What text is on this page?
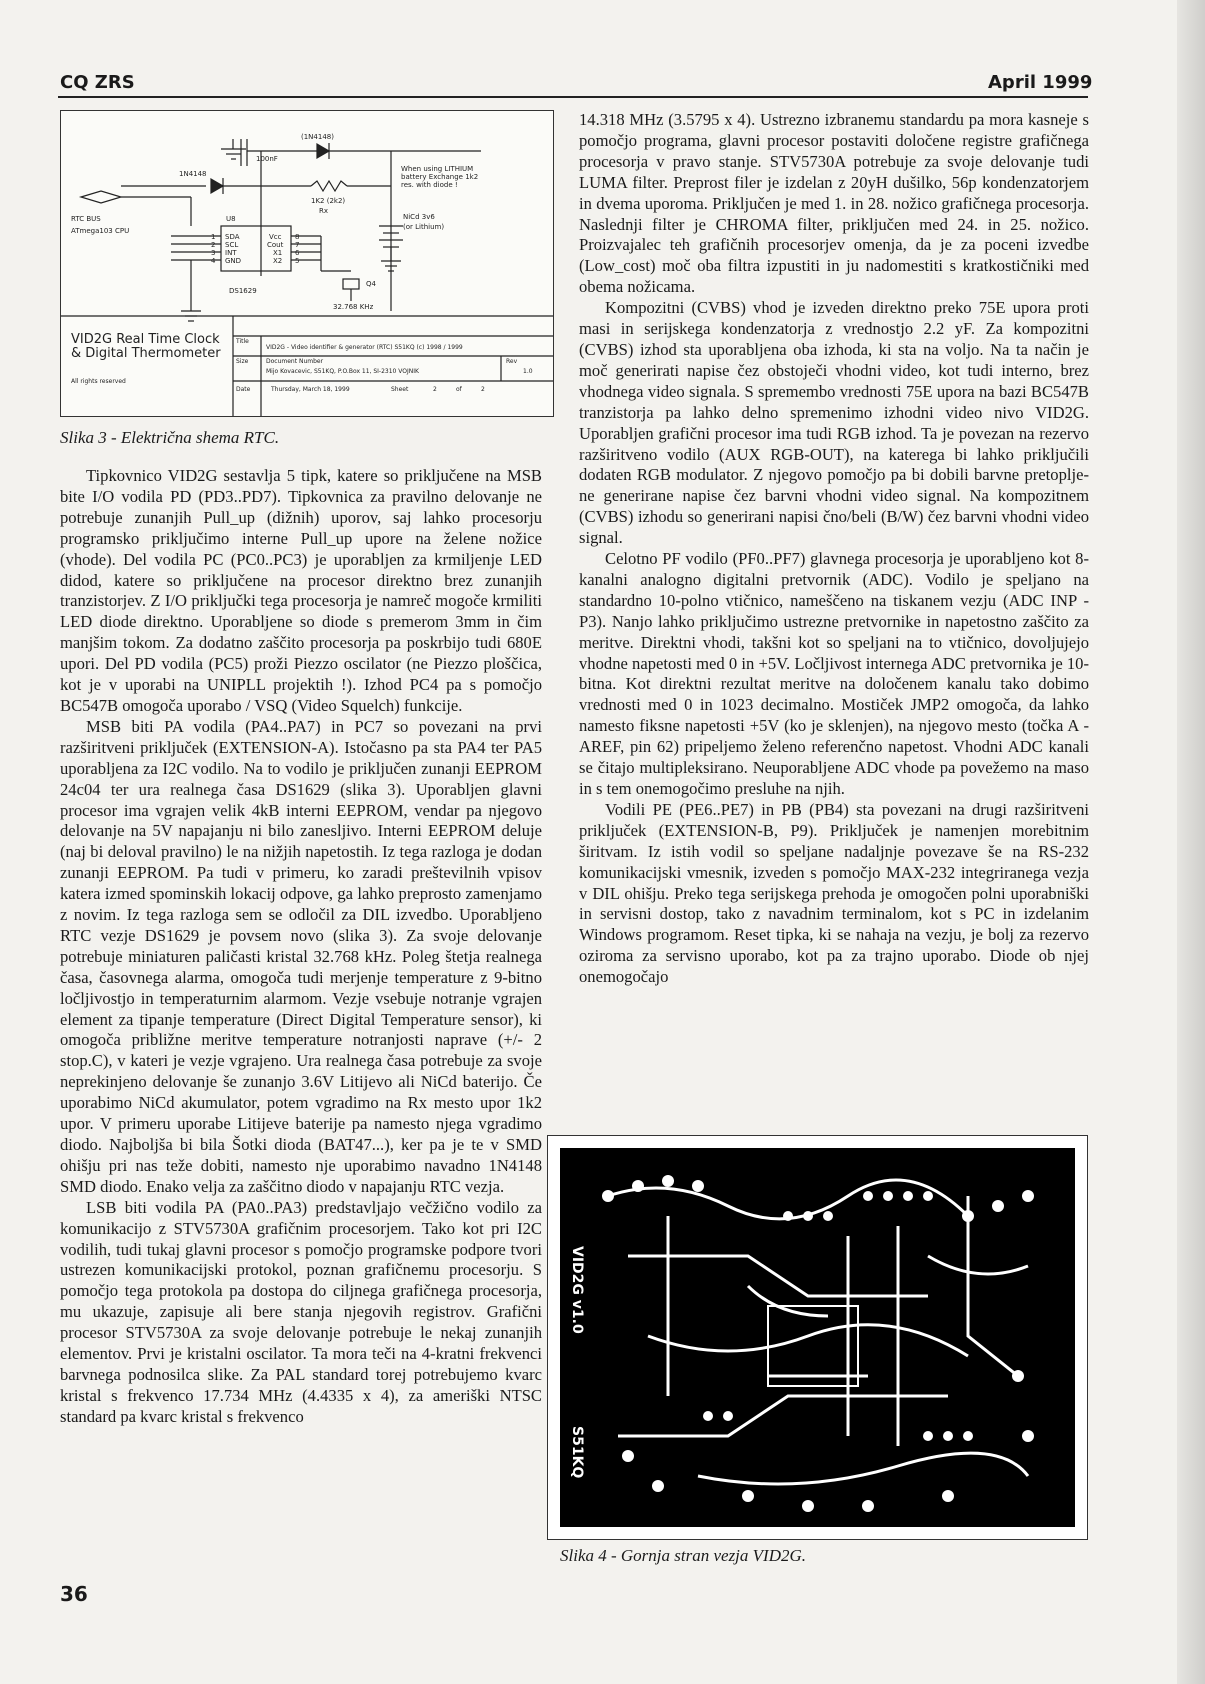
CQ ZRS	April 1999
100nF
(1N4148)
1N4148
When using LITHIUM
battery Exchange 1k2
res. with diode !
1K2 (2k2)
Rx
RTC BUS
ATmega103 CPU
U8	NiCd 3v6
(or Lithium)
1
2
3
4
SDA
SCL
INT
GND
Vcc
Cout
X1
X2
8
7
6
5
Q4
DS1629
32.768 KHz
VID2G Real Time Clock
& Digital Thermometer
All rights reserved
Title
VID2G - Video identifier & generator (RTC) S51KQ (c) 1998 / 1999
Size	Document Number
Mijo Kovacevic, S51KQ, P.O.Box 11, SI-2310 VOJNIK
Rev
1.0
Date	Thursday, March 18, 1999	Sheet	2	of	2
Slika 3 - Električna shema RTC.

Tipkovnico VID2G sestavlja 5 tipk, katere so priključene na MSB bite I/O vodila PD (PD3..PD7). Tipkovnica za pravilno delovanje ne potrebuje zunanjih Pull_up (dižnih) uporov, saj lahko procesorju programsko priključimo interne Pull_up upore na želene nožice (vhode). Del vodila PC (PC0..PC3) je uporabljen za krmiljenje LED didod, katere so priključene na procesor direktno brez zunanjih tranzistorjev. Z I/O priključki tega procesorja je namreč mogoče krmiliti LED diode direktno. Uporabljene so diode s premerom 3mm in čim manjšim tokom. Za dodatno zaščito procesorja pa poskrbijo tudi 680E upori. Del PD vodila (PC5) proži Piezzo oscilator (ne Piezzo ploščica, kot je v uporabi na UNIPLL projektih !). Izhod PC4 pa s pomočjo BC547B omogoča uporabo / VSQ (Video Squelch) funkcije.

MSB biti PA vodila (PA4..PA7) in PC7 so povezani na prvi razširitveni priključek (EXTENSION-A). Istočasno pa sta PA4 ter PA5 uporabljena za I2C vodilo. Na to vodilo je priključen zunanji EEPROM 24c04 ter ura realnega časa DS1629 (slika 3). Uporabljen glavni procesor ima vgrajen velik 4kB interni EEPROM, vendar pa njegovo delovanje na 5V napajanju ni bilo zanesljivo. Interni EEPROM deluje (naj bi deloval pravilno) le na nižjih napetostih. Iz tega razloga je dodan zunanji EEPROM. Pa tudi v primeru, ko zaradi preštevilnih vpisov katera izmed spominskih lokacij odpove, ga lahko preprosto zamenjamo z novim. Iz tega razloga sem se odločil za DIL izvedbo. Uporabljeno RTC vezje DS1629 je povsem novo (slika 3). Za svoje delovanje potrebuje miniaturen paličasti kristal 32.768 kHz. Poleg štetja realnega časa, časovnega alarma, omogoča tudi merjenje temperature z 9-bitno ločljivostjo in temperaturnim alarmom. Vezje vsebuje notranje vgrajen element za tipanje temperature (Direct Digital Temperature sensor), ki omogoča približne meritve temperature notranjosti naprave (+/- 2 stop.C), v kateri je vezje vgrajeno. Ura realnega časa potrebuje za svoje neprekinjeno delovanje še zunanjo 3.6V Litijevo ali NiCd baterijo. Če uporabimo NiCd akumulator, potem vgradimo na Rx mesto upor 1k2 upor. V primeru uporabe Litijeve baterije pa namesto njega vgradimo diodo. Najboljša bi bila Šotki dioda (BAT47...), ker pa je te v SMD ohišju pri nas teže dobiti, namesto nje uporabimo navadno 1N4148 SMD diodo. Enako velja za zaščitno diodo v napajanju RTC vezja.

LSB biti vodila PA (PA0..PA3) predstavljajo večžično vodilo za komunikacijo z STV5730A grafičnim procesorjem. Tako kot pri I2C vodilih, tudi tukaj glavni procesor s pomočjo programske podpore tvori ustrezen komunikacijski protokol, poznan grafičnemu procesorju. S pomočjo tega protokola pa dostopa do ciljnega grafičnega procesorja, mu ukazuje, zapisuje ali bere stanja njegovih registrov. Grafični procesor STV5730A za svoje delovanje potrebuje le nekaj zunanjih elementov. Prvi je kristalni oscilator. Ta mora teči na 4-kratni frekvenci barvnega podnosilca slike. Za PAL standard torej potrebujemo kvarc kristal s frekvenco 17.734 MHz (4.4335 x 4), za ameriški NTSC standard pa kvarc kristal s frekvenco

14.318 MHz (3.5795 x 4). Ustrezno izbranemu standardu pa mora kasneje s pomočjo programa, glavni procesor postaviti določene registre grafičnega procesorja v pravo stanje. STV5730A potrebuje za svoje delovanje tudi LUMA filter. Preprost filer je izdelan z 20yH dušilko, 56p kondenzatorjem in dvema uporoma. Priključen je med 1. in 28. nožico grafičnega procesorja. Naslednji filter je CHROMA filter, priključen med 24. in 25. nožico. Proizvajalec teh grafičnih procesorjev omenja, da je za poceni izvedbe (Low_cost) moč oba filtra izpustiti in ju nadomestiti s kratkostičniki med obema nožicama.

Kompozitni (CVBS) vhod je izveden direktno preko 75E upora proti masi in serijskega kondenzatorja z vrednostjo 2.2 yF. Za kompozitni (CVBS) izhod sta uporabljena oba izhoda, ki sta na voljo. Na ta način je moč generirati napise čez obstoječi vhodni video, kot tudi interno, brez vhodnega video signala. S spremembo vrednosti 75E upora na bazi BC547B tranzistorja pa lahko delno spremenimo izhodni video nivo VID2G. Uporabljen grafični procesor ima tudi RGB izhod. Ta je povezan na rezervo razširitveno vodilo (AUX RGB-OUT), na katerega bi lahko priključili dodaten RGB modulator. Z njegovo pomočjo pa bi dobili barvne pretoplje-ne generirane napise čez barvni vhodni video signal. Na kompozitnem (CVBS) izhodu so generirani napisi čno/beli (B/W) čez barvni vhodni video signal.

Celotno PF vodilo (PF0..PF7) glavnega procesorja je uporabljeno kot 8-kanalni analogno digitalni pretvornik (ADC). Vodilo je speljano na standardno 10-polno vtičnico, nameščeno na tiskanem vezju (ADC INP - P3). Nanjo lahko priključimo ustrezne pretvornike in napetostno zaščito za meritve. Direktni vhodi, takšni kot so speljani na to vtičnico, dovoljujejo vhodne napetosti med 0 in +5V. Ločljivost internega ADC pretvornika je 10-bitna. Kot direktni rezultat meritve na določenem kanalu tako dobimo vrednosti med 0 in 1023 decimalno. Mostiček JMP2 omogoča, da lahko namesto fiksne napetosti +5V (ko je sklenjen), na njegovo mesto (točka A - AREF, pin 62) pripeljemo želeno referenčno napetost. Vhodni ADC kanali se čitajo multipleksirano. Neuporabljene ADC vhode pa povežemo na maso in s tem onemogočimo presluhe na njih.

Vodili PE (PE6..PE7) in PB (PB4) sta povezani na drugi razširitveni priključek (EXTENSION-B, P9). Priključek je namenjen morebitnim širitvam. Iz istih vodil so speljane nadaljnje povezave še na RS-232 komunikacijski vmesnik, izveden s pomočjo MAX-232 integriranega vezja v DIL ohišju. Preko tega serijskega prehoda je omogočen polni uporabniški in servisni dostop, tako z navadnim terminalom, kot s PC in izdelanim Windows programom. Reset tipka, ki se nahaja na vezju, je bolj za rezervo oziroma za servisno uporabo, kot pa za trajno uporabo. Diode ob njej onemogočajo

VID2G v1.0
S51KQ
Slika 4 - Gornja stran vezja VID2G.
36
